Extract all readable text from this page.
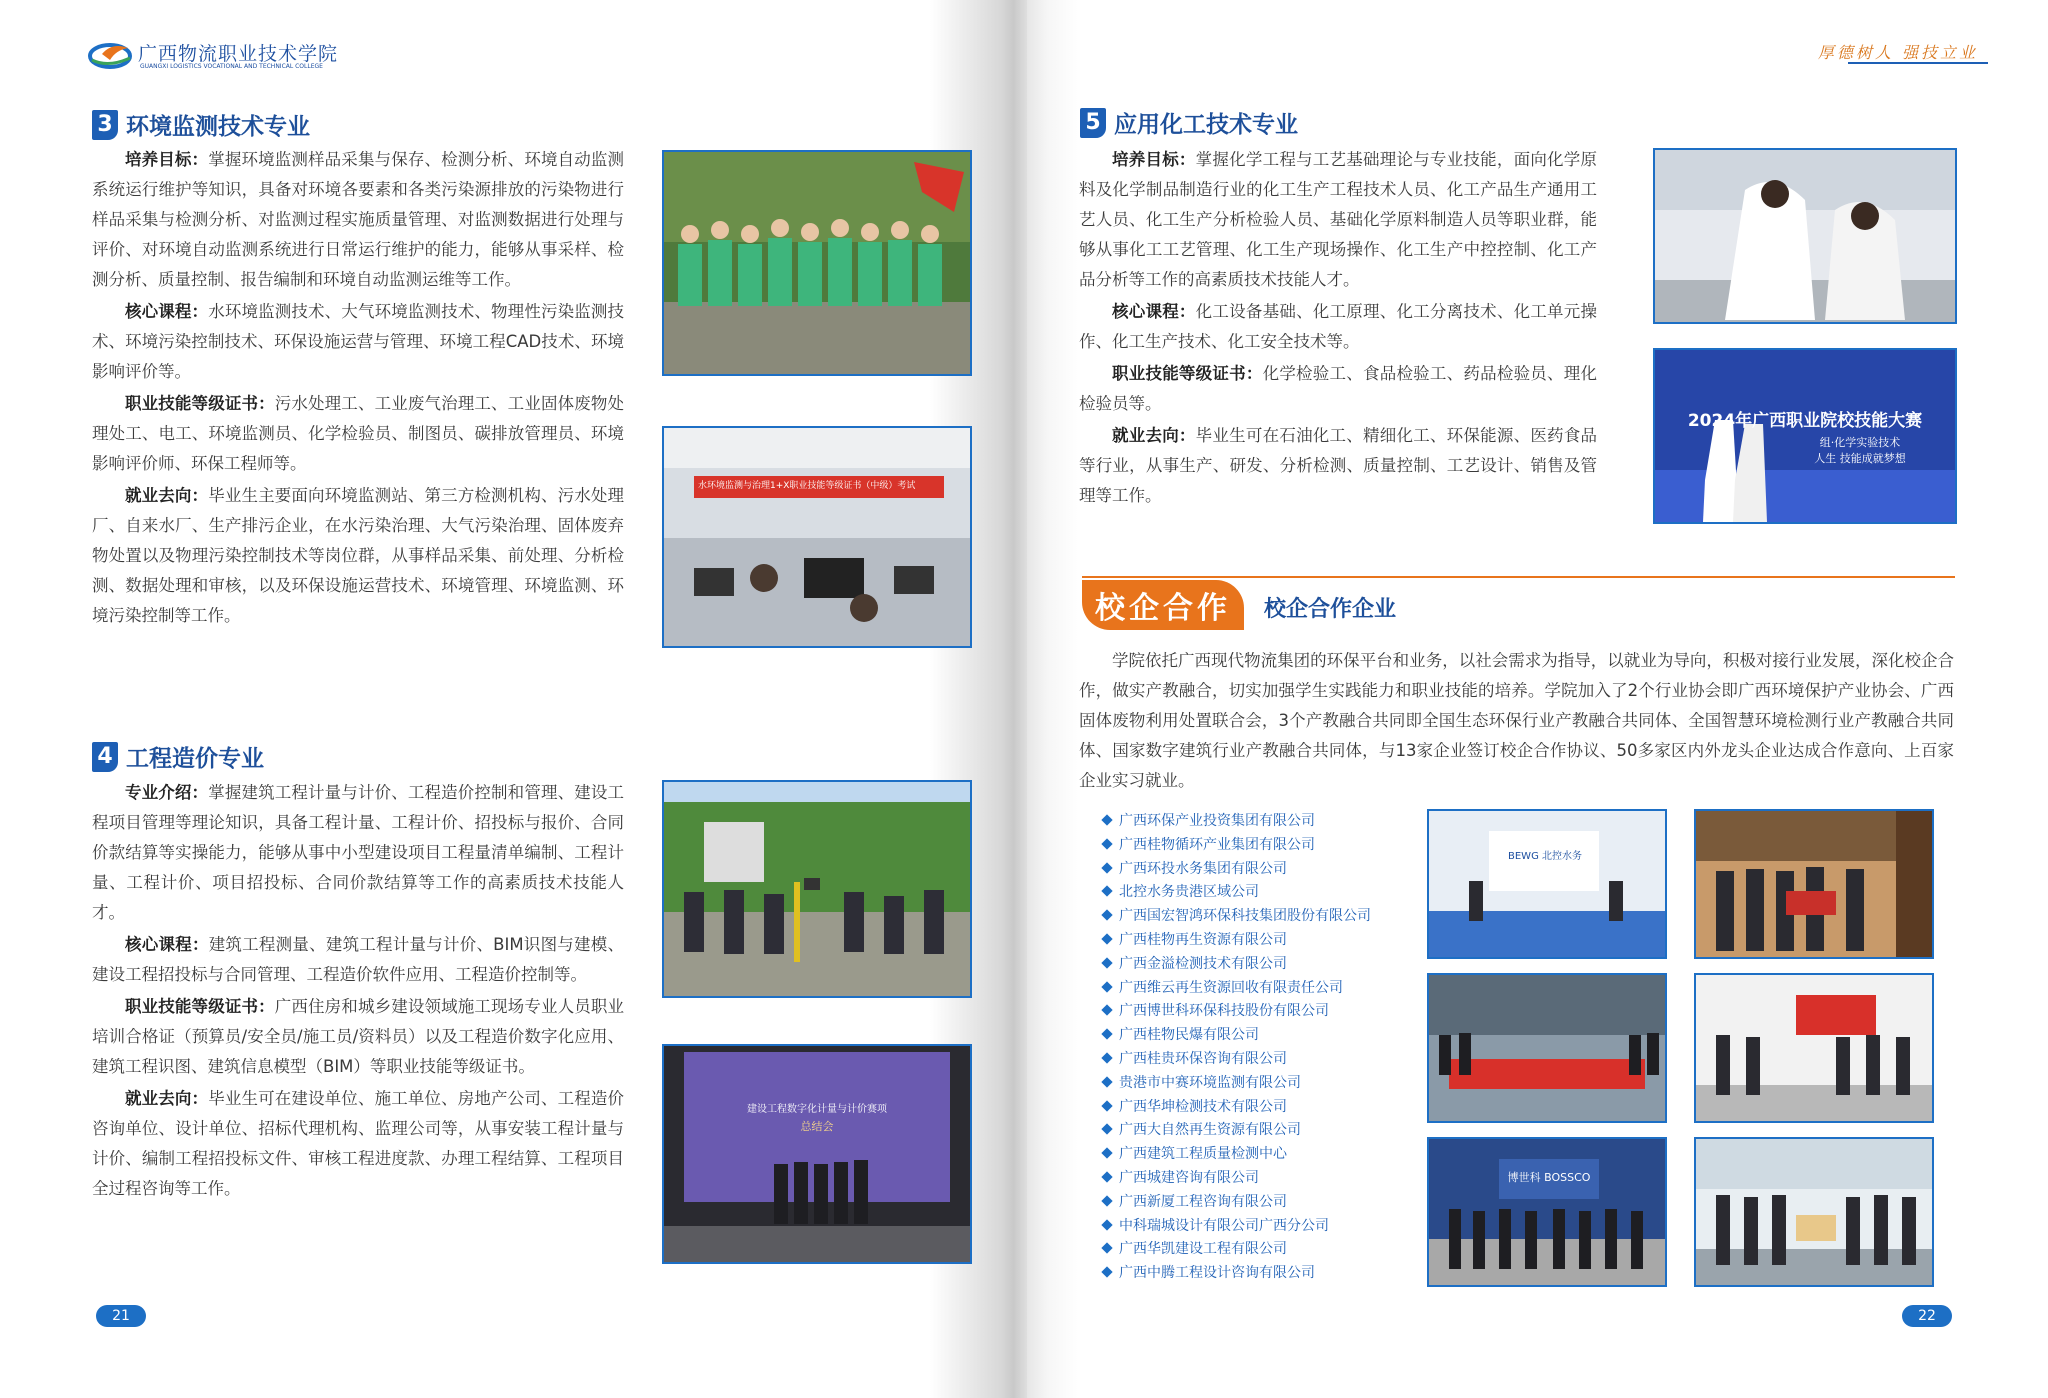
广西物流职业技术学院
GUANGXI LOGISTICS VOCATIONAL AND TECHNICAL COLLEGE
3 环境监测技术专业

培养目标：掌握环境监测样品采集与保存、检测分析、环境自动监测系统运行维护等知识，具备对环境各要素和各类污染源排放的污染物进行样品采集与检测分析、对监测过程实施质量管理、对监测数据进行处理与评价、对环境自动监测系统进行日常运行维护的能力，能够从事采样、检测分析、质量控制、报告编制和环境自动监测运维等工作。

核心课程：水环境监测技术、大气环境监测技术、物理性污染监测技术、环境污染控制技术、环保设施运营与管理、环境工程CAD技术、环境影响评价等。

职业技能等级证书：污水处理工、工业废气治理工、工业固体废物处理处工、电工、环境监测员、化学检验员、制图员、碳排放管理员、环境影响评价师、环保工程师等。

就业去向：毕业生主要面向环境监测站、第三方检测机构、污水处理厂、自来水厂、生产排污企业，在水污染治理、大气污染治理、固体废弃物处置以及物理污染控制技术等岗位群，从事样品采集、前处理、分析检测、数据处理和审核，以及环保设施运营技术、环境管理、环境监测、环境污染控制等工作。

水环境监测与治理1+X职业技能等级证书（中级）考试
4 工程造价专业

专业介绍：掌握建筑工程计量与计价、工程造价控制和管理、建设工程项目管理等理论知识，具备工程计量、工程计价、招投标与报价、合同价款结算等实操能力，能够从事中小型建设项目工程量清单编制、工程计量、工程计价、项目招投标、合同价款结算等工作的高素质技术技能人才。

核心课程：建筑工程测量、建筑工程计量与计价、BIM识图与建模、建设工程招投标与合同管理、工程造价软件应用、工程造价控制等。

职业技能等级证书：广西住房和城乡建设领域施工现场专业人员职业培训合格证（预算员/安全员/施工员/资料员）以及工程造价数字化应用、建筑工程识图、建筑信息模型（BIM）等职业技能等级证书。

就业去向：毕业生可在建设单位、施工单位、房地产公司、工程造价咨询单位、设计单位、招标代理机构、监理公司等，从事安装工程计量与计价、编制工程招投标文件、审核工程进度款、办理工程结算、工程项目全过程咨询等工作。

建设工程数字化计量与计价赛项
总结会
21
厚德树人 强技立业
5 应用化工技术专业

培养目标：掌握化学工程与工艺基础理论与专业技能，面向化学原料及化学制品制造行业的化工生产工程技术人员、化工产品生产通用工艺人员、化工生产分析检验人员、基础化学原料制造人员等职业群，能够从事化工工艺管理、化工生产现场操作、化工生产中控控制、化工产品分析等工作的高素质技术技能人才。

核心课程：化工设备基础、化工原理、化工分离技术、化工单元操作、化工生产技术、化工安全技术等。

职业技能等级证书：化学检验工、食品检验工、药品检验员、理化检验员等。

就业去向：毕业生可在石油化工、精细化工、环保能源、医药食品等行业，从事生产、研发、分析检测、质量控制、工艺设计、销售及管理等工作。

2024年广西职业院校技能大赛
组·化学实验技术
人生 技能成就梦想
校企合作	校企合作企业

学院依托广西现代物流集团的环保平台和业务，以社会需求为指导，以就业为导向，积极对接行业发展，深化校企合作，做实产教融合，切实加强学生实践能力和职业技能的培养。学院加入了2个行业协会即广西环境保护产业协会、广西固体废物利用处置联合会，3个产教融合共同即全国生态环保行业产教融合共同体、全国智慧环境检测行业产教融合共同体、国家数字建筑行业产教融合共同体，与13家企业签订校企合作协议、50多家区内外龙头企业达成合作意向、上百家企业实习就业。

广西环保产业投资集团有限公司
广西桂物循环产业集团有限公司
广西环投水务集团有限公司
北控水务贵港区域公司
广西国宏智鸿环保科技集团股份有限公司
广西桂物再生资源有限公司
广西金溢检测技术有限公司
广西维云再生资源回收有限责任公司
广西博世科环保科技股份有限公司
广西桂物民爆有限公司
广西桂贵环保咨询有限公司
贵港市中赛环境监测有限公司
广西华坤检测技术有限公司
广西大自然再生资源有限公司
广西建筑工程质量检测中心
广西城建咨询有限公司
广西新厦工程咨询有限公司
中科瑞城设计有限公司广西分公司
广西华凯建设工程有限公司
广西中腾工程设计咨询有限公司
BEWG 北控水务
博世科 BOSSCO
22
